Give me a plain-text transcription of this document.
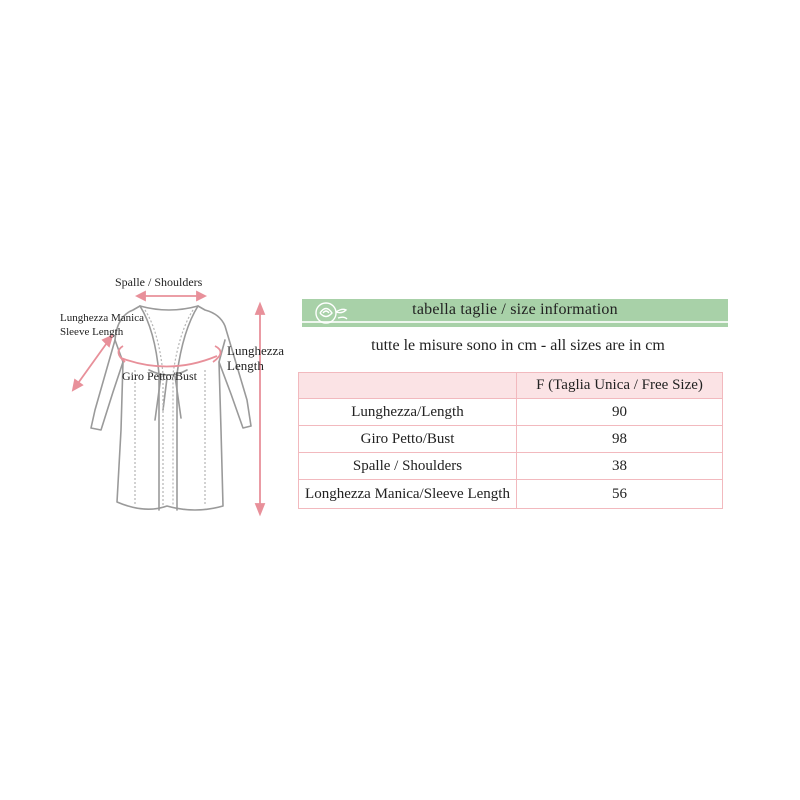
Spalle / Shoulders
Lunghezza Manica
Sleeve Length
Lunghezza
Length
Giro Petto/Bust
tabella taglie / size information
tutte le misure sono in cm - all sizes are in cm
	F (Taglia Unica / Free Size)
Lunghezza/Length	90
Giro Petto/Bust	98
Spalle / Shoulders	38
Longhezza Manica/Sleeve Length	56
